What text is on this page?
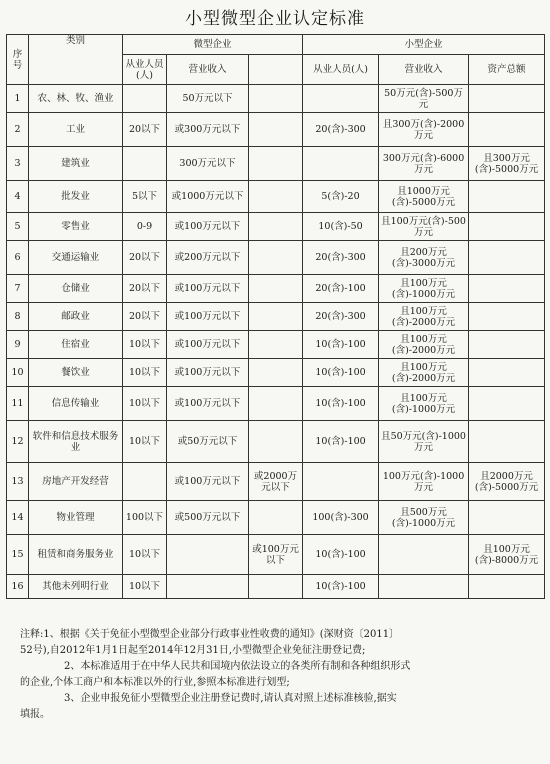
小型微型企业认定标准
序号	类别	微型企业			小型企业		
		从业人员(人)	营业收入		从业人员(人)	营业收入	资产总额
1	农、林、牧、渔业		50万元以下			50万元(含)-500万元	
2	工业	20以下	或300万元以下		20(含)-300	且300万(含)-2000万元	
3	建筑业		300万元以下			300万元(含)-6000万元	且300万元(含)-5000万元
4	批发业	5以下	或1000万元以下		5(含)-20	且1000万元(含)-5000万元	
5	零售业	0-9	或100万元以下		10(含)-50	且100万元(含)-500万元	
6	交通运输业	20以下	或200万元以下		20(含)-300	且200万元(含)-3000万元	
7	仓储业	20以下	或100万元以下		20(含)-100	且100万元(含)-1000万元	
8	邮政业	20以下	或100万元以下		20(含)-300	且100万元(含)-2000万元	
9	住宿业	10以下	或100万元以下		10(含)-100	且100万元(含)-2000万元	
10	餐饮业	10以下	或100万元以下		10(含)-100	且100万元(含)-2000万元	
11	信息传输业	10以下	或100万元以下		10(含)-100	且100万元(含)-1000万元	
12	软件和信息技术服务业	10以下	或50万元以下		10(含)-100	且50万元(含)-1000万元	
13	房地产开发经营		或100万元以下	或2000万元以下		100万元(含)-1000万元	且2000万元(含)-5000万元
14	物业管理	100以下	或500万元以下		100(含)-300	且500万元(含)-1000万元	
15	租赁和商务服务业	10以下		或100万元以下	10(含)-100		且100万元(含)-8000万元
16	其他未列明行业	10以下			10(含)-100		

注释:1、根据《关于免征小型微型企业部分行政事业性收费的通知》(深财资〔2011〕

52号),自2012年1月1日起至2014年12月31日,小型微型企业免征注册登记费;

2、本标准适用于在中华人民共和国境内依法设立的各类所有制和各种组织形式

的企业,个体工商户和本标准以外的行业,参照本标准进行划型;

3、企业申报免征小型微型企业注册登记费时,请认真对照上述标准核验,据实

填报。
